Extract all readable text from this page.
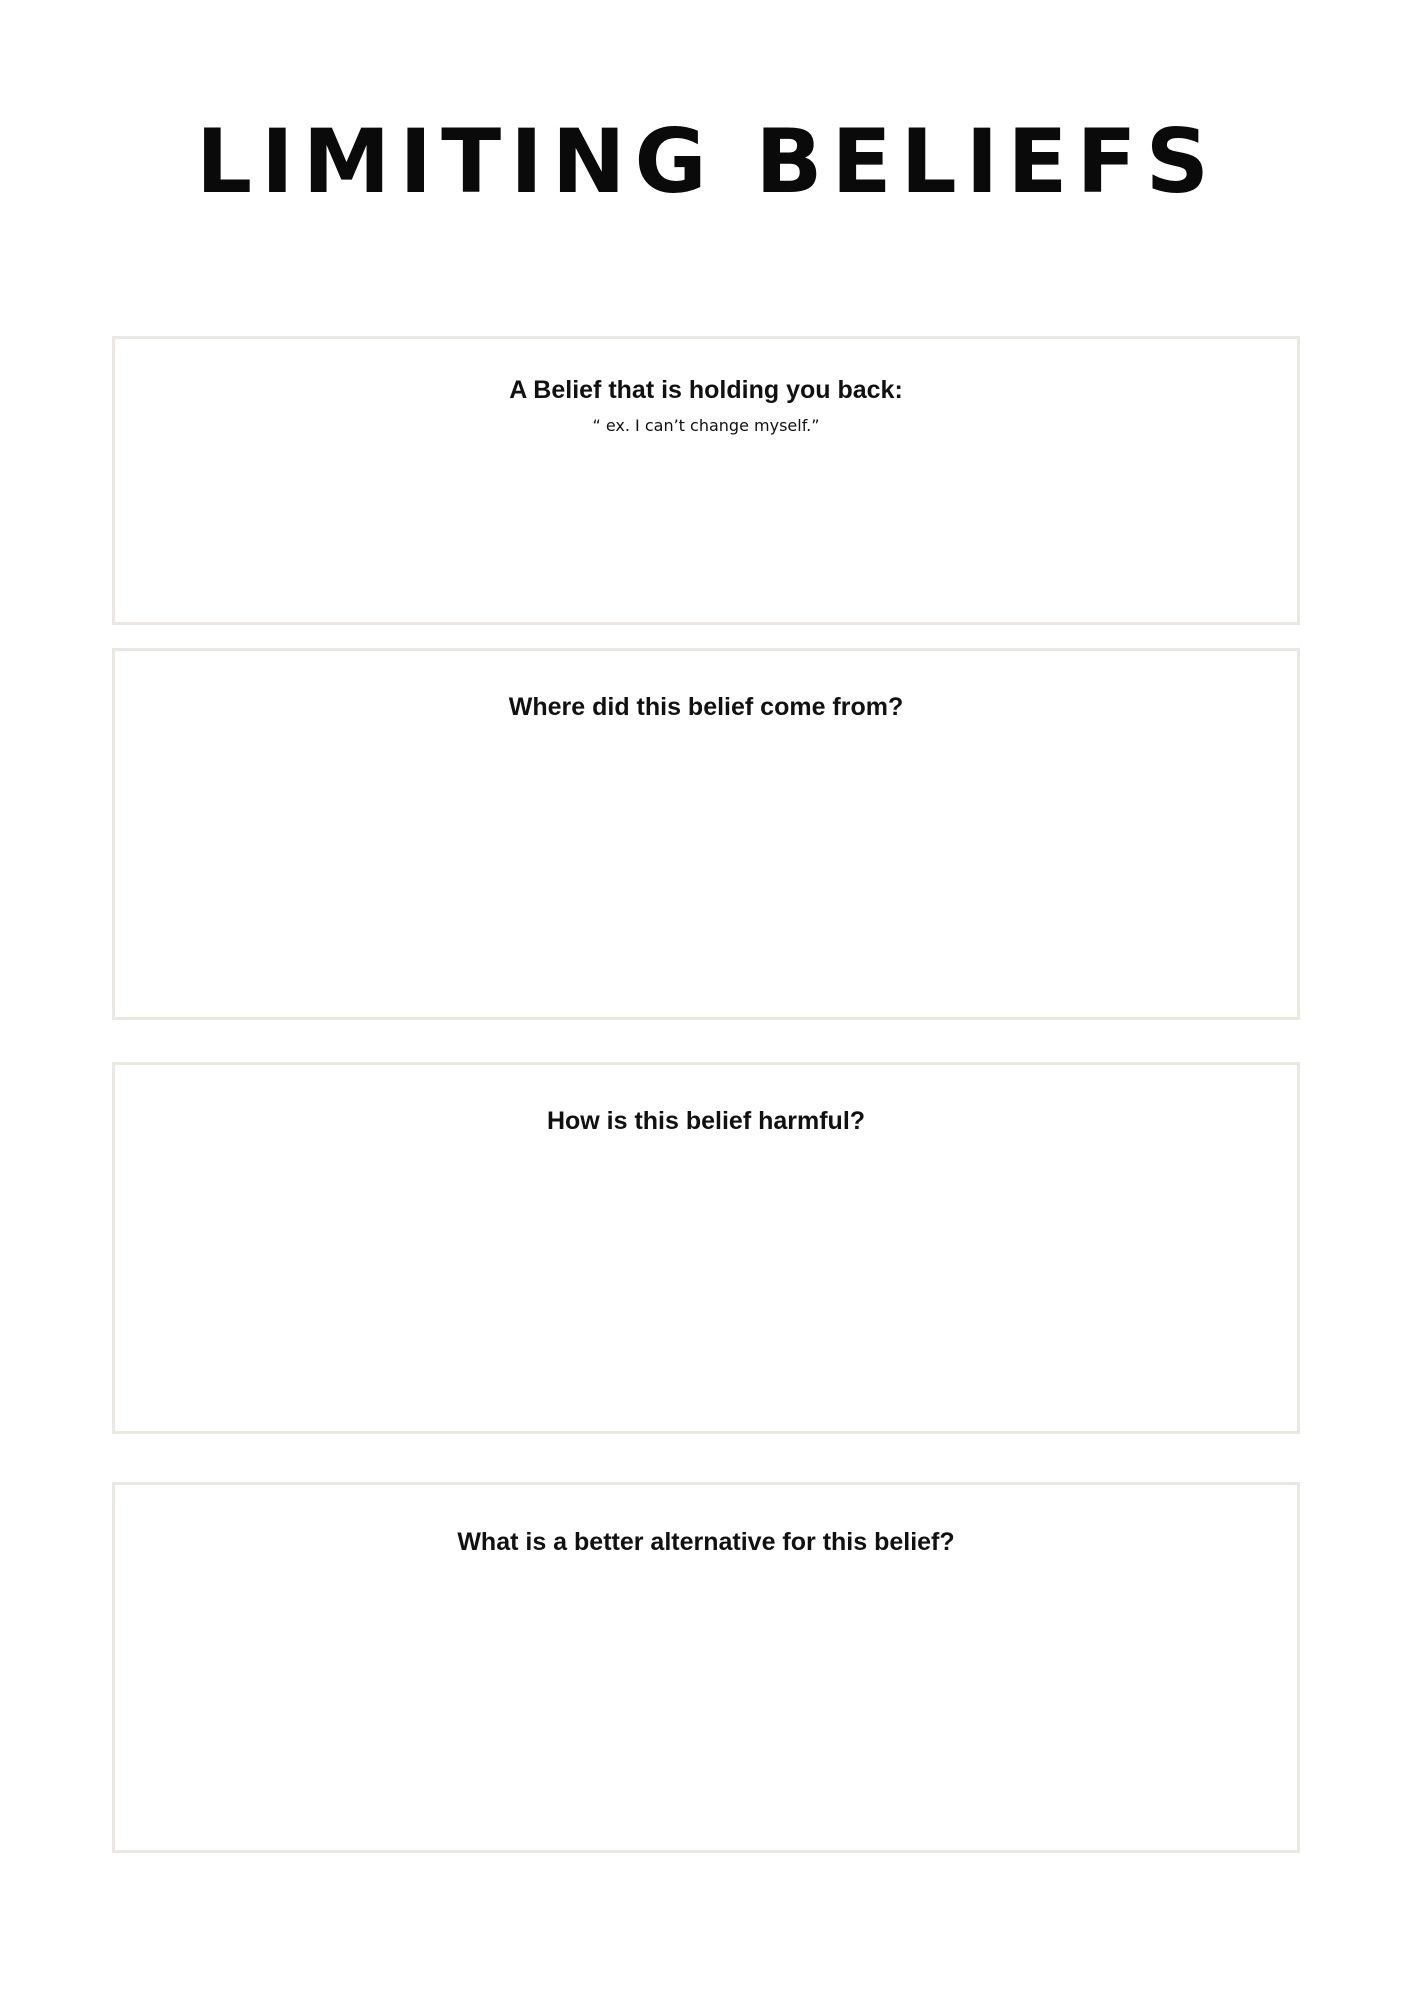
LIMITING BELIEFS
A Belief that is holding you back:
“ ex. I can’t change myself.”
Where did this belief come from?
How is this belief harmful?
What is a better alternative for this belief?
